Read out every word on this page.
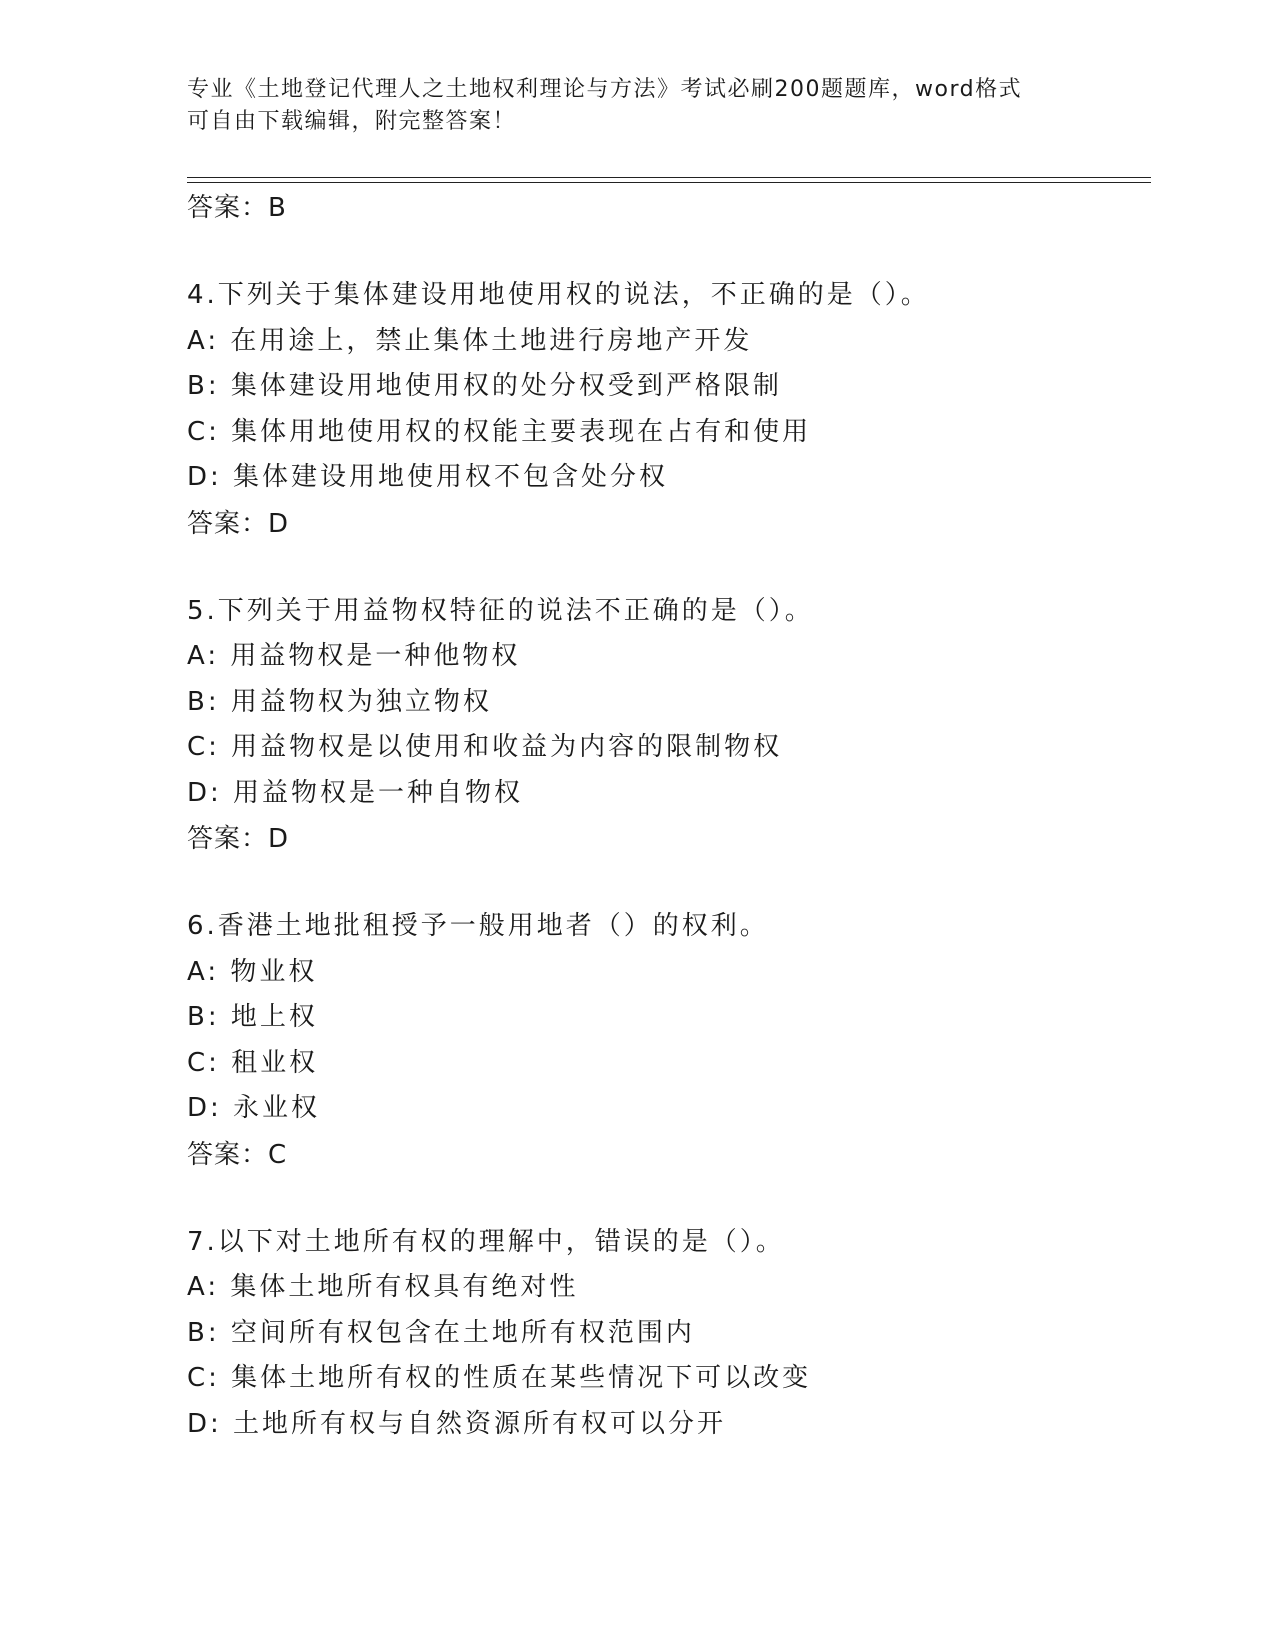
专业《土地登记代理人之土地权利理论与方法》考试必刷200题题库，word格式
可自由下载编辑，附完整答案！
答案：B
4.下列关于集体建设用地使用权的说法，不正确的是（）。
A: 在用途上，禁止集体土地进行房地产开发
B: 集体建设用地使用权的处分权受到严格限制
C: 集体用地使用权的权能主要表现在占有和使用
D: 集体建设用地使用权不包含处分权
答案：D
5.下列关于用益物权特征的说法不正确的是（）。
A: 用益物权是一种他物权
B: 用益物权为独立物权
C: 用益物权是以使用和收益为内容的限制物权
D: 用益物权是一种自物权
答案：D
6.香港土地批租授予一般用地者（）的权利。
A: 物业权
B: 地上权
C: 租业权
D: 永业权
答案：C
7.以下对土地所有权的理解中，错误的是（）。
A: 集体土地所有权具有绝对性
B: 空间所有权包含在土地所有权范围内
C: 集体土地所有权的性质在某些情况下可以改变
D: 土地所有权与自然资源所有权可以分开
